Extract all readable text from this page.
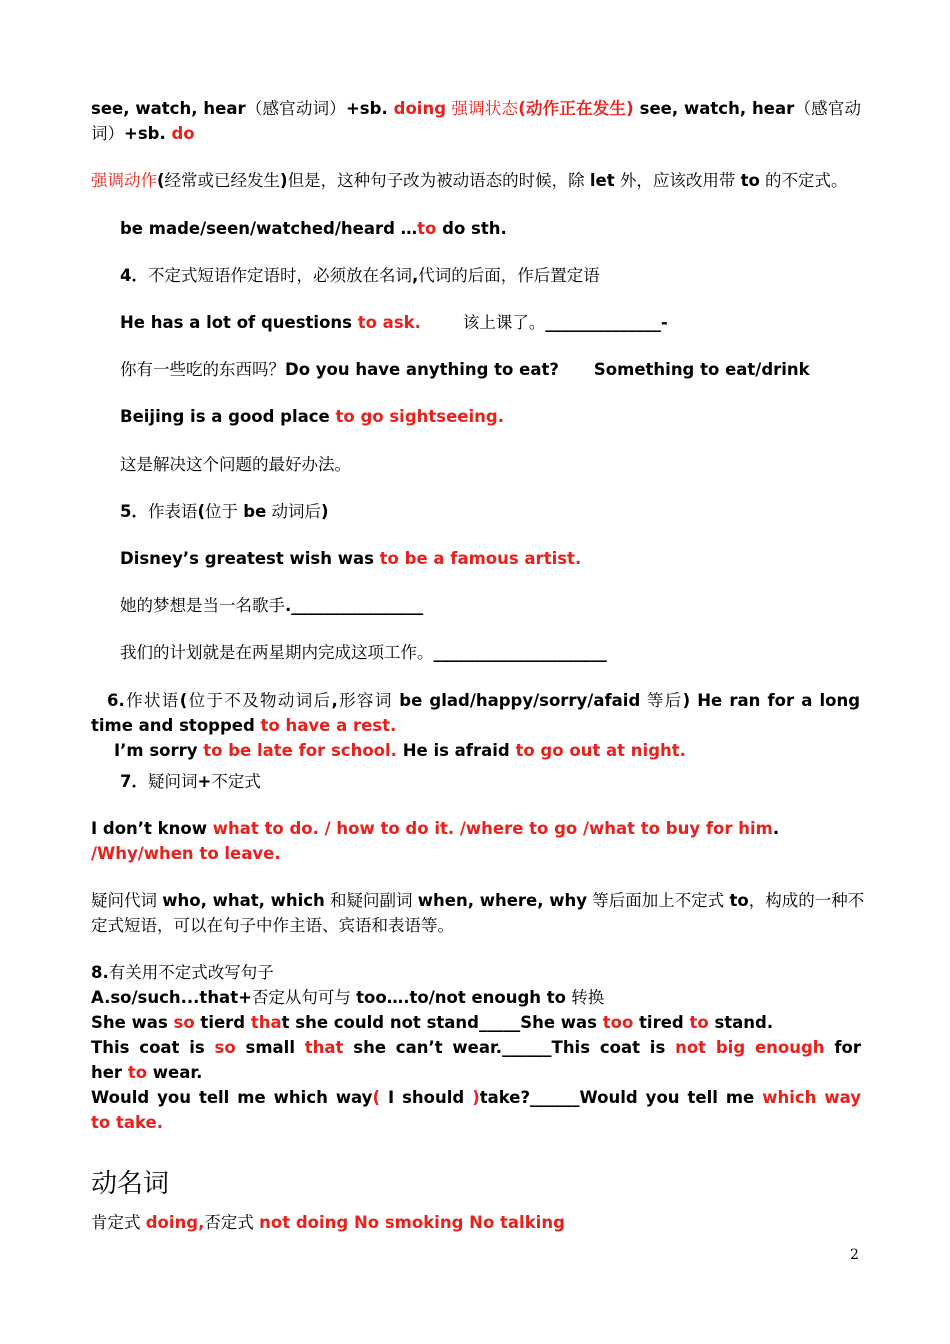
see, watch, hear（感官动词）+sb. doing 强调状态(动作正在发生) see, watch, hear（感官动
词）+sb. do
强调动作(经常或已经发生)但是，这种句子改为被动语态的时候，除 let 外，应该改用带 to 的不定式。
be made/seen/watched/heard …to do sth.
4．不定式短语作定语时，必须放在名词,代词的后面，作后置定语
He has a lot of questions to ask.	该上课了。______________-
你有一些吃的东西吗？Do you have anything to eat? Something to eat/drink
Beijing is a good place to go sightseeing.
这是解决这个问题的最好办法。
5．作表语(位于 be 动词后)
Disney’s greatest wish was to be a famous artist.
她的梦想是当一名歌手.________________
我们的计划就是在两星期内完成这项工作。_____________________
6.作状语(位于不及物动词后,形容词 be glad/happy/sorry/afaid 等后) He ran for a long
time and stopped to have a rest.
I’m sorry to be late for school. He is afraid to go out at night.
7．疑问词+不定式
I don’t know what to do. / how to do it. /where to go /what to buy for him.
/Why/when to leave.
疑问代词 who, what, which 和疑问副词 when, where, why 等后面加上不定式 to，构成的一种不
定式短语，可以在句子中作主语、宾语和表语等。
8.有关用不定式改写句子
A.so/such...that+否定从句可与 too….to/not enough to 转换
She was so tierd that she could not stand_____She was too tired to stand.
This coat is so small that she can’t wear.______This coat is not big enough for
her to wear.
Would you tell me which way( I should )take?______Would you tell me which way
to take.
动名词
肯定式 doing,否定式 not doing No smoking No talking
2
